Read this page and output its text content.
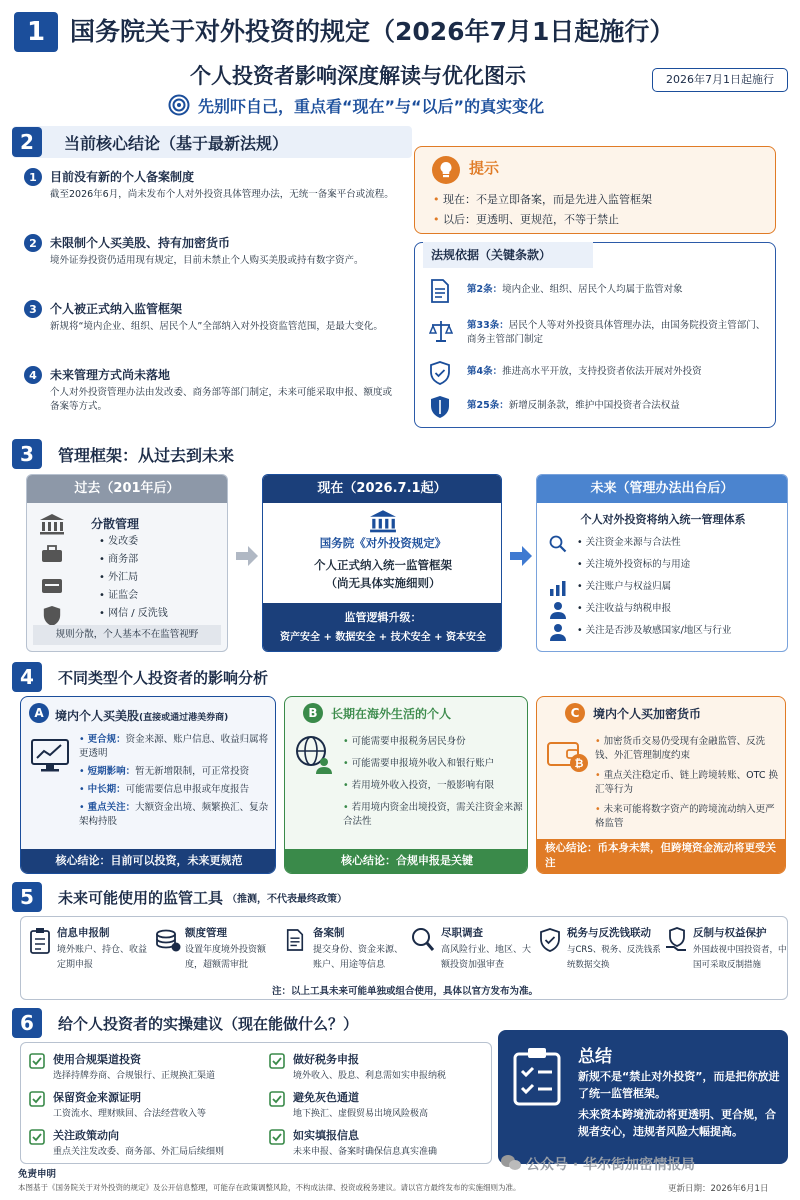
1 国务院关于对外投资的规定（2026年7月1日起施行）
个人投资者影响深度解读与优化图示	2026年7月1日起施行
先别吓自己，重点看“现在”与“以后”的真实变化
2	当前核心结论（基于最新法规）
1	目前没有新的个人备案制度
截至2026年6月，尚未发布个人对外投资具体管理办法，无统一备案平台或流程。
2	未限制个人买美股、持有加密货币
境外证券投资仍适用现有规定，目前未禁止个人购买美股或持有数字资产。
3	个人被正式纳入监管框架
新规将“境内企业、组织、居民个人”全部纳入对外投资监管范围，是最大变化。
4	未来管理方式尚未落地
个人对外投资管理办法由发改委、商务部等部门制定，未来可能采取申报、额度或备案等方式。
提示
• 现在：不是立即备案，而是先进入监管框架
• 以后：更透明、更规范，不等于禁止
法规依据（关键条款）
第2条：境内企业、组织、居民个人均属于监管对象
第33条：居民个人等对外投资具体管理办法，由国务院投资主管部门、商务主管部门制定
第4条：推进高水平开放，支持投资者依法开展对外投资
第25条：新增反制条款，维护中国投资者合法权益
3	管理框架：从过去到未来
过去（201年后）
分散管理
• 发改委
• 商务部
• 外汇局
• 证监会
• 网信 / 反洗钱
规则分散，个人基本不在监管视野
现在（2026.7.1起）
国务院《对外投资规定》
个人正式纳入统一监管框架
（尚无具体实施细则）
监管逻辑升级：
资产安全 + 数据安全 + 技术安全 + 资本安全
未来（管理办法出台后）
个人对外投资将纳入统一管理体系
• 关注资金来源与合法性
• 关注境外投资标的与用途
• 关注账户与权益归属
• 关注收益与纳税申报
• 关注是否涉及敏感国家/地区与行业
4	不同类型个人投资者的影响分析
A 境内个人买美股(直接或通过港美券商)
• 更合规：资金来源、账户信息、收益归属将更透明
• 短期影响：暂无新增限制，可正常投资
• 中长期：可能需要信息申报或年度报告
• 重点关注：大额资金出境、频繁换汇、复杂架构持股
核心结论：目前可以投资，未来更规范
B	长期在海外生活的个人
• 可能需要申报税务居民身份
• 可能需要申报境外收入和银行账户
• 若用境外收入投资，一般影响有限
• 若用境内资金出境投资，需关注资金来源合法性
核心结论：合规申报是关键
C	境内个人买加密货币
₿
• 加密货币交易仍受现有金融监管、反洗钱、外汇管理制度约束
• 重点关注稳定币、链上跨境转账、OTC 换汇等行为
• 未来可能将数字资产的跨境流动纳入更严格监管
核心结论：币本身未禁，但跨境资金流动将更受关注
5	未来可能使用的监管工具 （推测，不代表最终政策）
信息申报制
境外账户、持仓、收益定期申报
额度管理
设置年度境外投资额度，超额需审批
备案制
提交身份、资金来源、账户、用途等信息
尽职调查
高风险行业、地区、大额投资加强审查
税务与反洗钱联动
与CRS、税务、反洗钱系统数据交换
反制与权益保护
外国歧视中国投资者，中国可采取反制措施
注：以上工具未来可能单独或组合使用，具体以官方发布为准。
6	给个人投资者的实操建议（现在能做什么？）
使用合规渠道投资
选择持牌券商、合规银行、正规换汇渠道
做好税务申报
境外收入、股息、利息需如实申报纳税
保留资金来源证明
工资流水、理财赎回、合法经营收入等
避免灰色通道
地下换汇、虚假贸易出境风险极高
关注政策动向
重点关注发改委、商务部、外汇局后续细则
如实填报信息
未来申报、备案时确保信息真实准确
总结
新规不是“禁止对外投资”，而是把你放进了统一监管框架。
未来资本跨境流动将更透明、更合规，合规者安心，违规者风险大幅提高。
免责申明
本图基于《国务院关于对外投资的规定》及公开信息整理，可能存在政策调整风险，不构成法律、投资或税务建议。请以官方最终发布的实施细则为准。
公众号 · 华尔街加密情报局
更新日期：2026年6月1日
